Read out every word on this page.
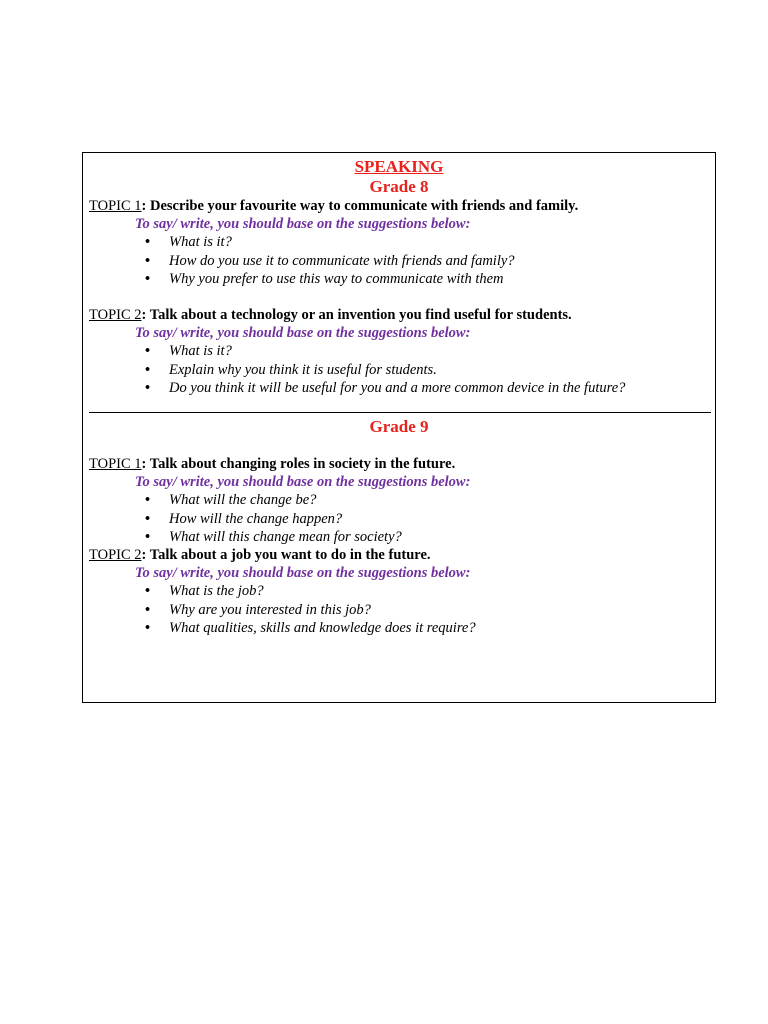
SPEAKING
Grade 8
TOPIC 1: Describe your favourite way to communicate with friends and family.
To say/ write, you should base on the suggestions below:
• What is it?
• How do you use it to communicate with friends and family?
• Why you prefer to use this way to communicate with them
TOPIC 2: Talk about a technology or an invention you find useful for students.
To say/ write, you should base on the suggestions below:
• What is it?
• Explain why you think it is useful for students.
• Do you think it will be useful for you and a more common device in the future?
Grade 9
TOPIC 1: Talk about changing roles in society in the future.
To say/ write, you should base on the suggestions below:
• What will the change be?
• How will the change happen?
• What will this change mean for society?
TOPIC 2: Talk about a job you want to do in the future.
To say/ write, you should base on the suggestions below:
• What is the job?
• Why are you interested in this job?
• What qualities, skills and knowledge does it require?
